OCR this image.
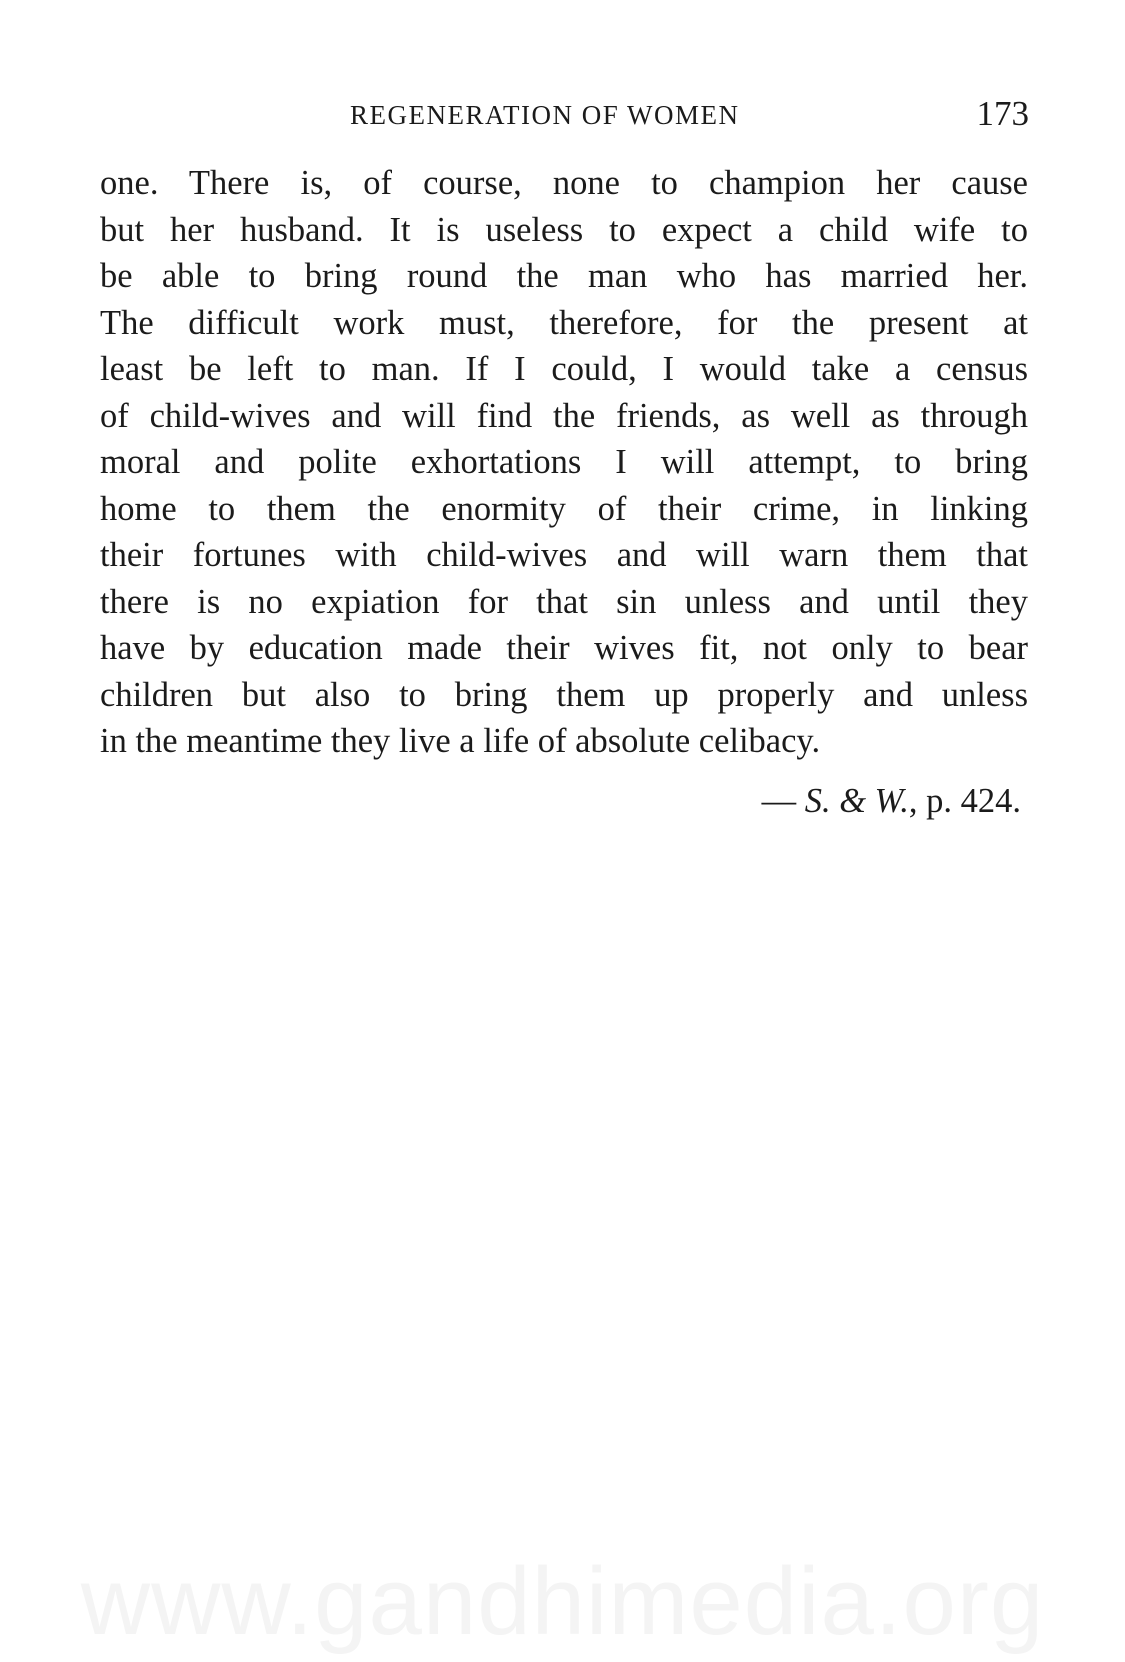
REGENERATION OF WOMEN	173
one. There is, of course, none to champion her cause
but her husband. It is useless to expect a child wife to
be able to bring round the man who has married her.
The difficult work must, therefore, for the present at
least be left to man. If I could, I would take a census
of child-wives and will find the friends, as well as through
moral and polite exhortations I will attempt, to bring
home to them the enormity of their crime, in linking
their fortunes with child-wives and will warn them that
there is no expiation for that sin unless and until they
have by education made their wives fit, not only to bear
children but also to bring them up properly and unless
in the meantime they live a life of absolute celibacy.
— S. & W., p. 424.
www.gandhimedia.org
